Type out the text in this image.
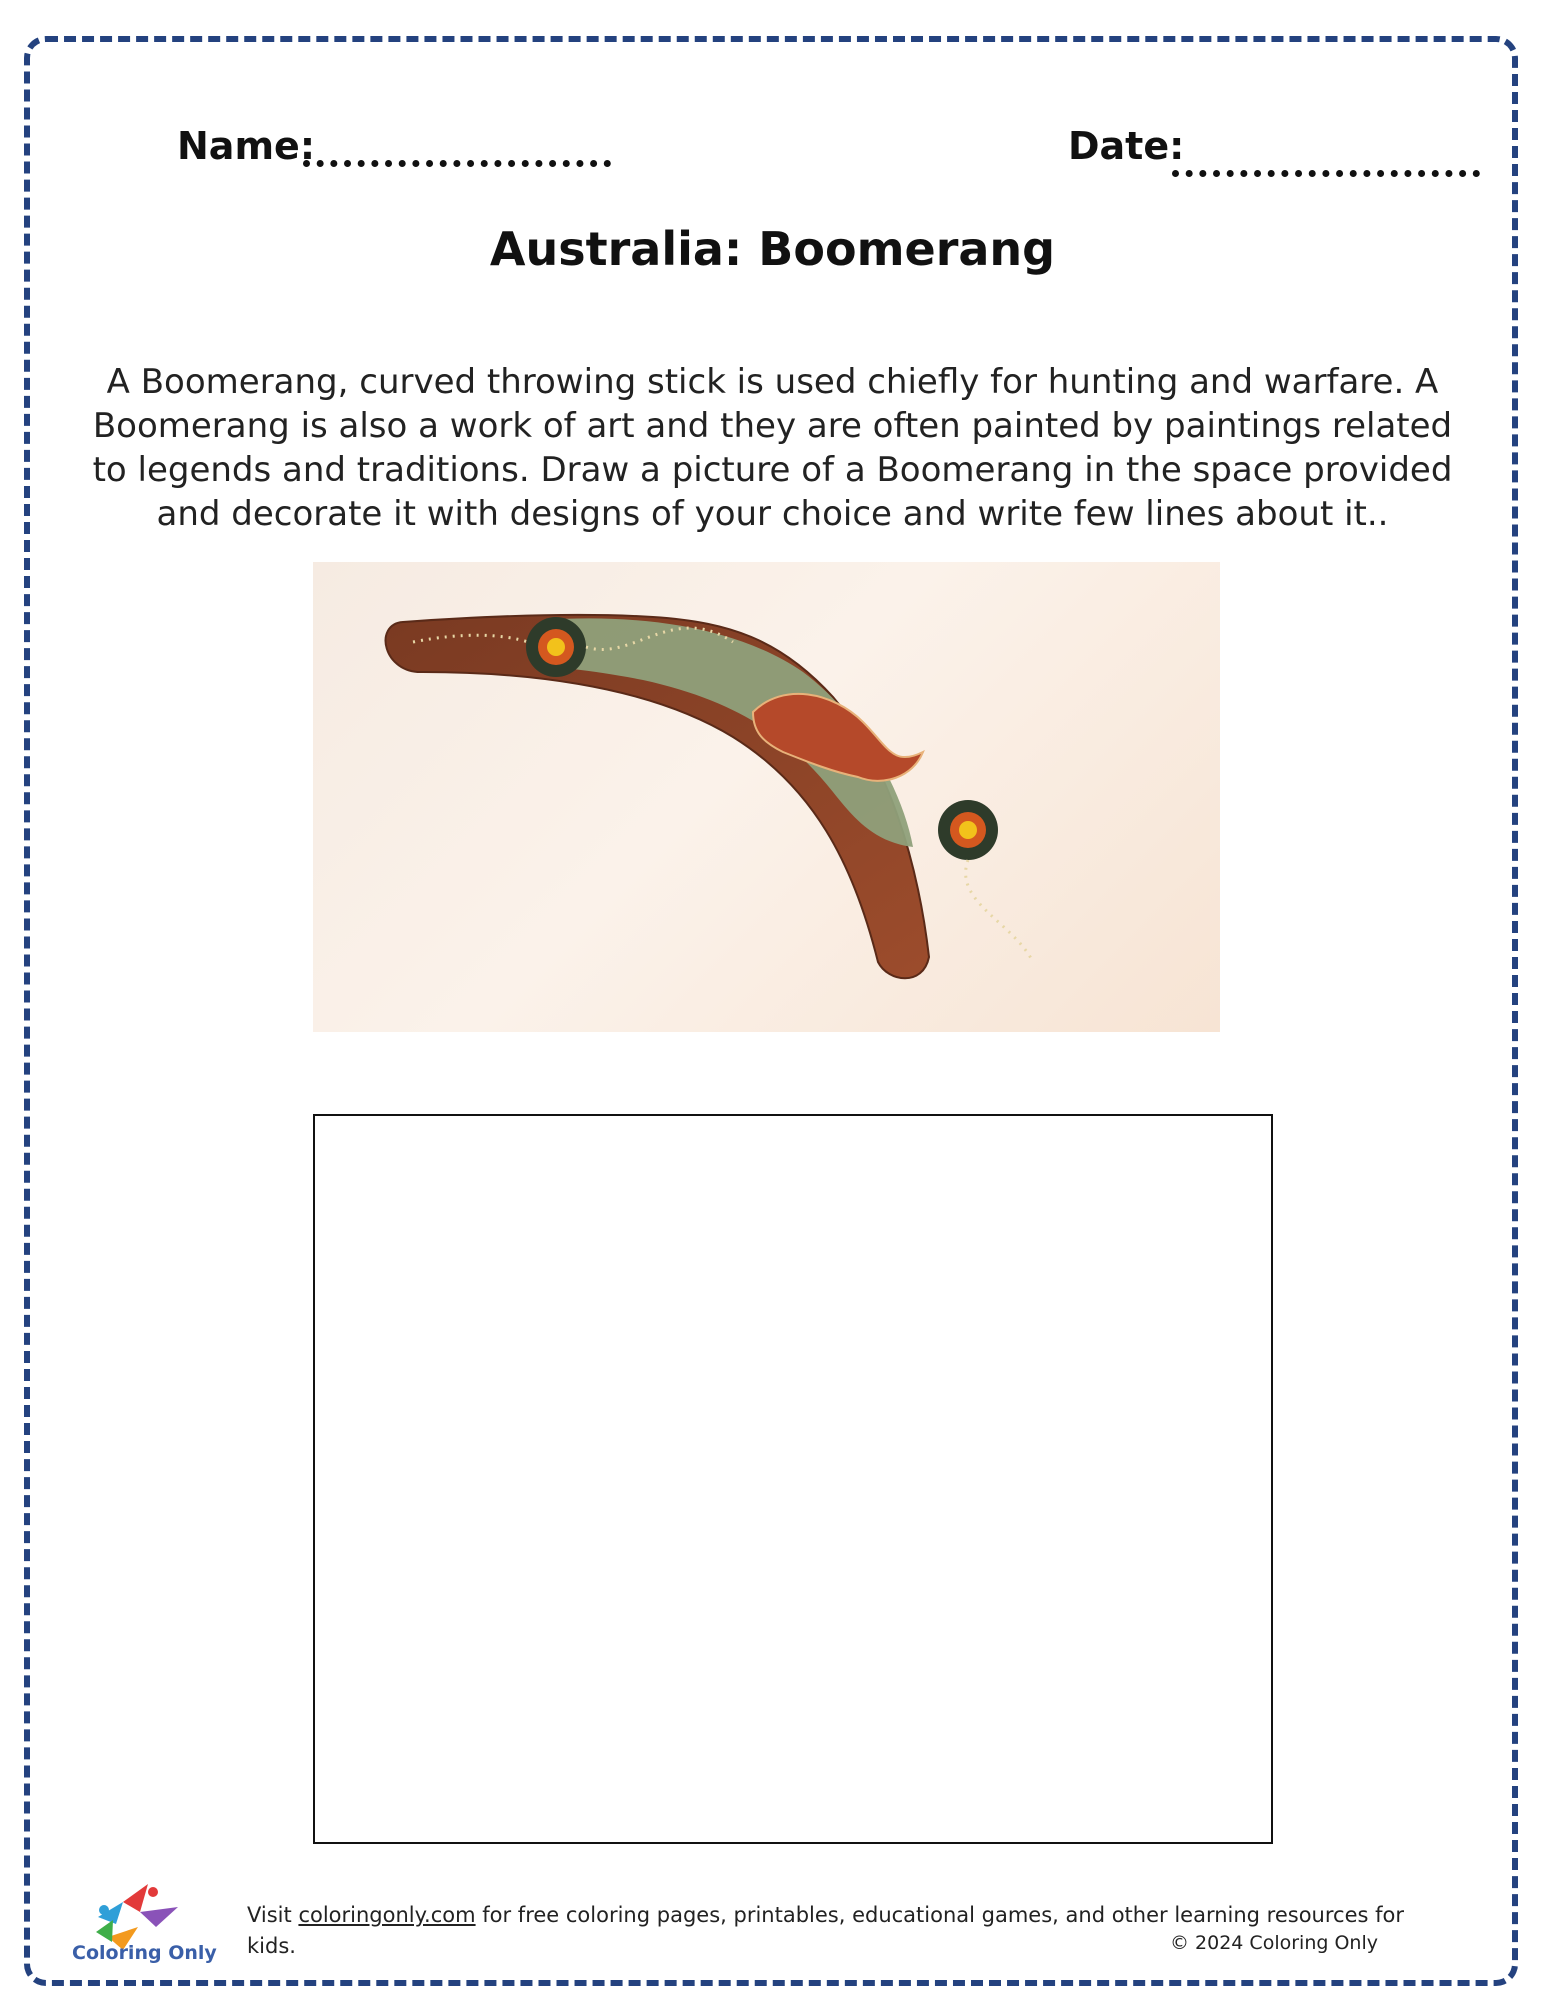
Name:	Date:
Australia: Boomerang
A Boomerang, curved throwing stick is used chiefly for hunting and warfare. A Boomerang is also a work of art and they are often painted by paintings related to legends and traditions. Draw a picture of a Boomerang in the space provided and decorate it with designs of your choice and write few lines about it..
Coloring Only
Visit coloringonly.com for free coloring pages, printables, educational games, and other learning resources for kids.	© 2024 Coloring Only
